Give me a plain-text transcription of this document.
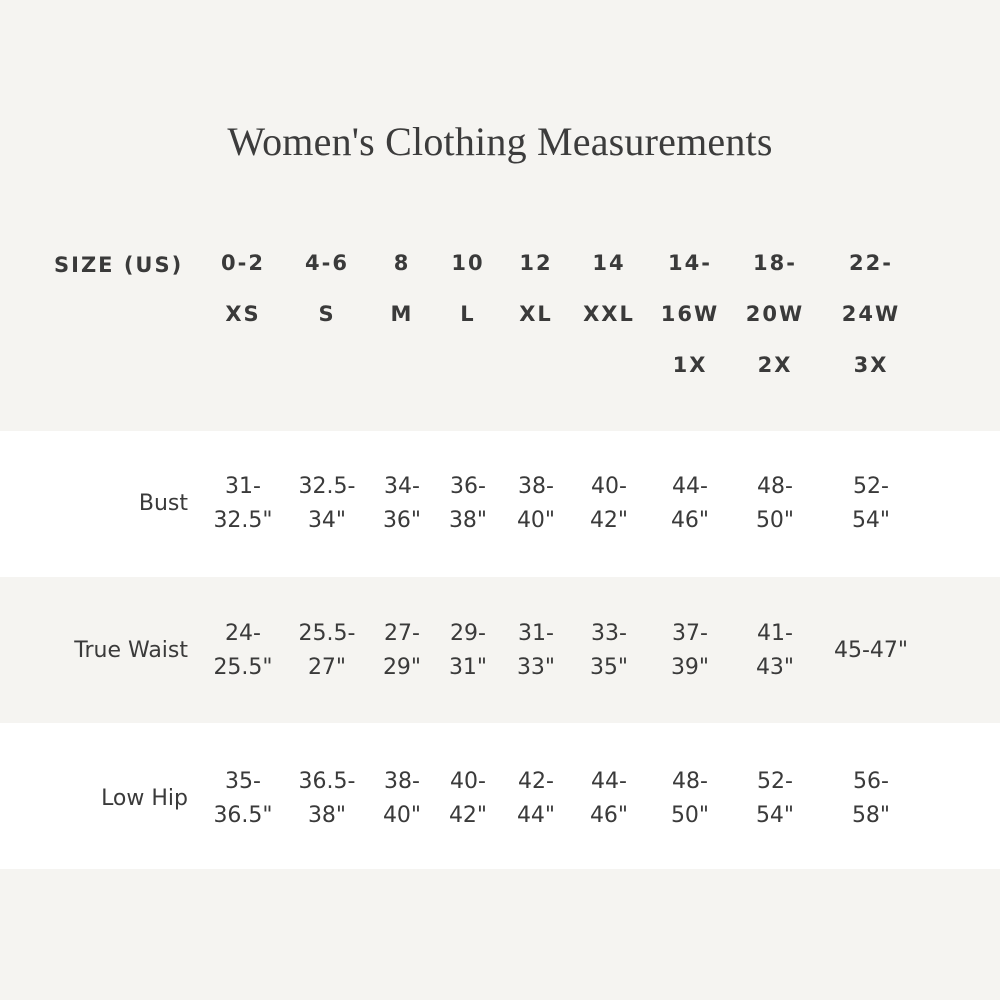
Women's Clothing Measurements
SIZE (US)	0-2
XS
4-6
S
8
M
10
L
12
XL
14
XXL
14-
16W
1X
18-
20W
2X
22-
24W
3X
Bust
31-
32.5"
32.5-
34"
34-
36"
36-
38"
38-
40"
40-
42"
44-
46"
48-
50"
52-
54"
True Waist
24-
25.5"
25.5-
27"
27-
29"
29-
31"
31-
33"
33-
35"
37-
39"
41-
43"
45-47"
Low Hip
35-
36.5"
36.5-
38"
38-
40"
40-
42"
42-
44"
44-
46"
48-
50"
52-
54"
56-
58"
